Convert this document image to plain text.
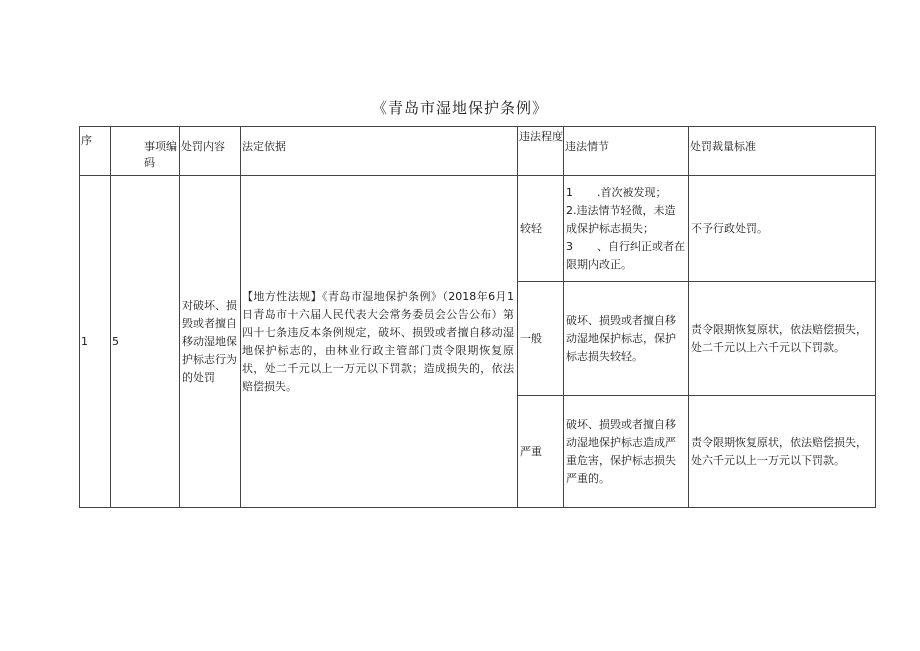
《青岛市湿地保护条例》
序	事项编码	处罚内容	法定依据	违法程度	违法情节	处罚裁量标准
1	5	对破坏、损毁或者擅自移动湿地保护标志行为的处罚	【地方性法规】《青岛市湿地保护条例》（2018年6月1日青岛市十六届人民代表大会常务委员会公告公布）第四十七条违反本条例规定，破坏、损毁或者擅自移动湿地保护标志的，由林业行政主管部门责令限期恢复原状，处二千元以上一万元以下罚款；造成损失的，依法赔偿损失。	较轻	1 .首次被发现；
2.违法情节轻微，未造成保护标志损失；
3 、自行纠正或者在限期内改正。	不予行政处罚。
				一般	破坏、损毁或者擅自移动湿地保护标志，保护标志损失较轻。	责令限期恢复原状，依法赔偿损失，处二千元以上六千元以下罚款。
				严重	破坏、损毁或者擅自移动湿地保护标志造成严重危害，保护标志损失严重的。	责令限期恢复原状，依法赔偿损失，处六千元以上一万元以下罚款。
